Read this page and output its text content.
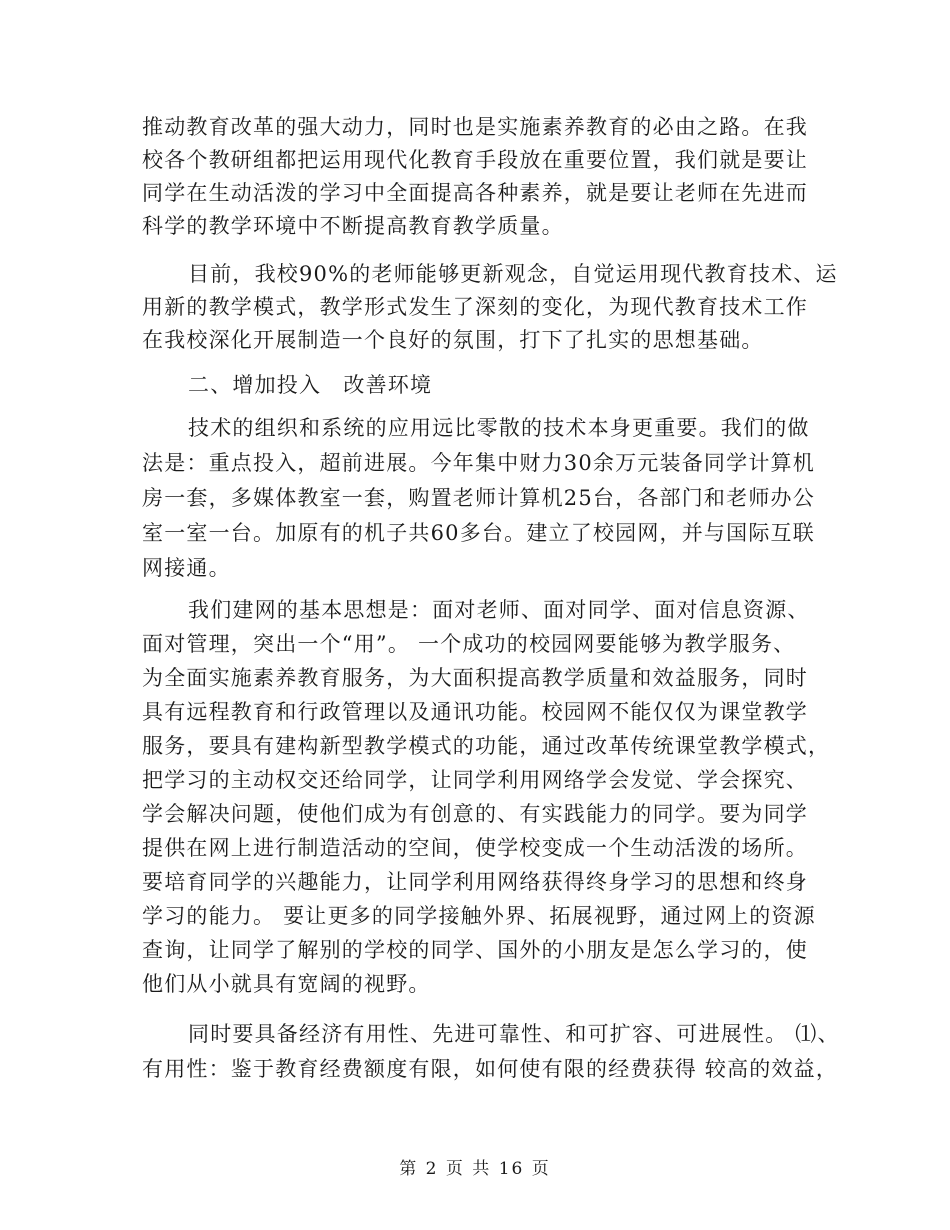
推动教育改革的强大动力，同时也是实施素养教育的必由之路。在我
校各个教研组都把运用现代化教育手段放在重要位置，我们就是要让
同学在生动活泼的学习中全面提高各种素养，就是要让老师在先进而
科学的教学环境中不断提高教育教学质量。
目前，我校90%的老师能够更新观念，自觉运用现代教育技术、运
用新的教学模式，教学形式发生了深刻的变化，为现代教育技术工作
在我校深化开展制造一个良好的氛围，打下了扎实的思想基础。
二、增加投入　改善环境
技术的组织和系统的应用远比零散的技术本身更重要。我们的做
法是：重点投入，超前进展。今年集中财力30余万元装备同学计算机
房一套，多媒体教室一套，购置老师计算机25台，各部门和老师办公
室一室一台。加原有的机子共60多台。建立了校园网，并与国际互联
网接通。
我们建网的基本思想是：面对老师、面对同学、面对信息资源、
面对管理，突出一个“用”。 一个成功的校园网要能够为教学服务、
为全面实施素养教育服务，为大面积提高教学质量和效益服务，同时
具有远程教育和行政管理以及通讯功能。校园网不能仅仅为课堂教学
服务，要具有建构新型教学模式的功能，通过改革传统课堂教学模式，
把学习的主动权交还给同学，让同学利用网络学会发觉、学会探究、
学会解决问题，使他们成为有创意的、有实践能力的同学。要为同学
提供在网上进行制造活动的空间，使学校变成一个生动活泼的场所。
要培育同学的兴趣能力，让同学利用网络获得终身学习的思想和终身
学习的能力。 要让更多的同学接触外界、拓展视野，通过网上的资源
查询，让同学了解别的学校的同学、国外的小朋友是怎么学习的，使
他们从小就具有宽阔的视野。
同时要具备经济有用性、先进可靠性、和可扩容、可进展性。 ⑴、
有用性：鉴于教育经费额度有限，如何使有限的经费获得 较高的效益，
第 2 页 共 16 页
